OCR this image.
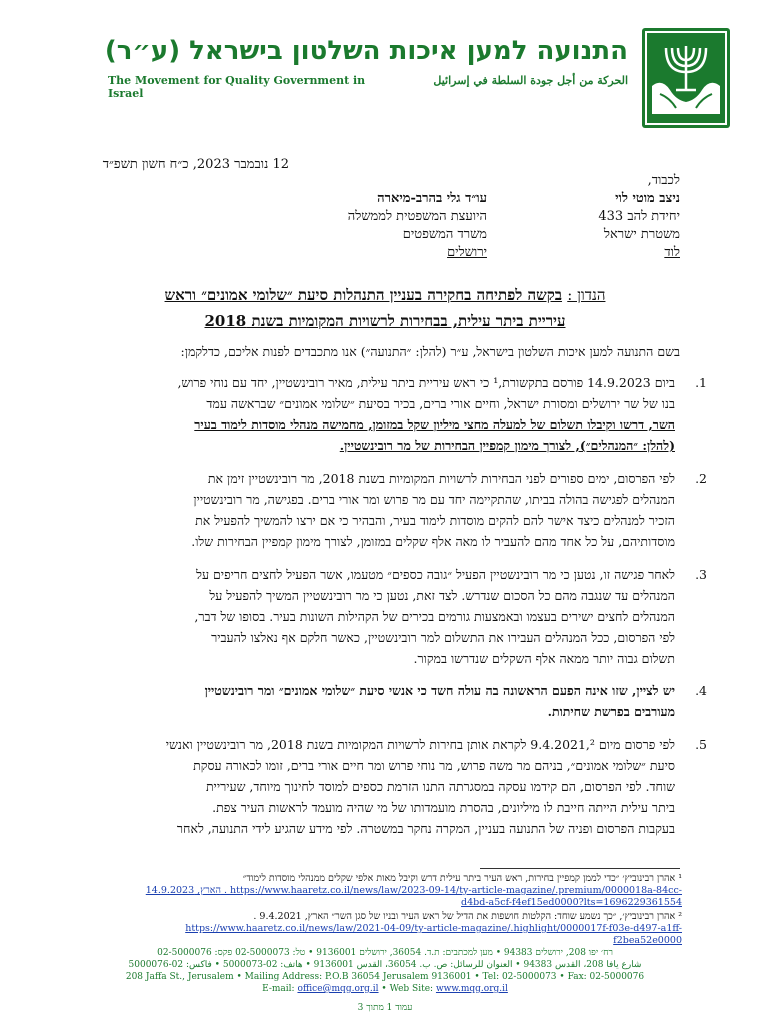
התנועה למען איכות השלטון בישראל (ע״ר)
الحركة من أجل جودة السلطة في إسرائيل
The Movement for Quality Government in Israel
12 נובמבר 2023, כ״ח חשון תשפ״ד
לכבוד,
ניצב מוטי לוי
יחידת להב 433
משטרת ישראל
לוד
עו״ד גלי בהרב-מיארה
היועצת המשפטית לממשלה
משרד המשפטים
ירושלים
הנדון : בקשה לפתיחה בחקירה בעניין התנהלות סיעת ״שלומי אמונים״ וראש
עיריית ביתר עילית, בבחירות לרשויות המקומיות בשנת 2018
בשם התנועה למען איכות השלטון בישראל, ע״ר (להלן: ״התנועה״) אנו מתכבדים לפנות אליכם, כדלקמן:
1.
ביום 14.9.2023 פורסם בתקשורת,¹ כי ראש עיריית ביתר עילית, מאיר רובינשטיין, יחד עם נוחי פרוש,
בנו של שר ירושלים ומסורת ישראל, וחיים אורי ברים, בכיר בסיעת ״שלומי אמונים״ שבראשה עמד
השר, דרשו וקיבלו תשלום של למעלה מחצי מיליון שקל במזומן, מחמישה מנהלי מוסדות לימוד בעיר
(להלן: ״המנהלים״), לצורך מימון קמפיין הבחירות של מר רובינשטיין.
2.
לפי הפרסום, ימים ספורים לפני הבחירות לרשויות המקומיות בשנת 2018, מר רובינשטיין זימן את
המנהלים לפגישה בהולה בביתו, שהתקיימה יחד עם מר פרוש ומר אורי ברים. בפגישה, מר רובינשטיין
הזכיר למנהלים כיצד אישר להם להקים מוסדות לימוד בעיר, והבהיר כי אם ירצו להמשיך להפעיל את
מוסדותיהם, על כל אחד מהם להעביר לו מאה אלף שקלים במזומן, לצורך מימון קמפיין הבחירות שלו.
3.
לאחר פגישה זו, נטען כי מר רובינשטיין הפעיל ״גובה כספים״ מטעמו, אשר הפעיל לחצים חריפים על
המנהלים עד שנגבה מהם כל הסכום שנדרש. לצד זאת, נטען כי מר רובינשטיין המשיך להפעיל על
המנהלים לחצים ישירים בעצמו ובאמצעות גורמים בכירים של הקהילות השונות בעיר. בסופו של דבר,
לפי הפרסום, ככל המנהלים העבירו את התשלום למר רובינשטיין, כאשר חלקם אף נאלצו להעביר
תשלום גבוה יותר ממאה אלף השקלים שנדרשו במקור.
4.
יש לציין, שזו אינה הפעם הראשונה בה עולה חשד כי אנשי סיעת ״שלומי אמונים״ ומר רובינשטיין
מעורבים בפרשת שחיתות.
5.
לפי פרסום מיום 9.4.2021,² לקראת אותן בחירות לרשויות המקומיות בשנת 2018, מר רובינשטיין ואנשי
סיעת ״שלומי אמונים״, בניהם מר משה פרוש, מר נוחי פרוש ומר חיים אורי ברים, זומו לכאורה עסקת
שוחד. לפי הפרסום, הם קידמו עסקה במסגרתה התנו הזרמת כספים למוסד לחינוך מיוחד, שעיריית
ביתר עילית הייתה חייבת לו מיליונים, בהסרת מועמדותו של מי שהיה מועמד לראשות העיר צפת.
בעקבות הפרסום ופניה של התנועה בעניין, המקרה נחקר במשטרה. לפי מידע שהגיע לידי התנועה, לאחר
¹ אהרן רבינוביץ׳ ״כדי לממן קמפיין בחירות, ראש העיר ביתר עילית דרש וקיבל מאות אלפי שקלים ממנהלי מוסדות לימוד״
הארץ, 14.9.2023 . https://www.haaretz.co.il/news/law/2023-09-14/ty-article-magazine/.premium/0000018a-84cc-
d4bd-a5cf-f4ef15ed0000?lts=1696229361554
² אהרן רבינוביץ׳, ״כך נשמע שוחד: הקלטות חושפות את הדיל של ראש העיר ובניו של סגן השר״ הארץ, 9.4.2021 .
https://www.haaretz.co.il/news/law/2021-04-09/ty-article-magazine/.highlight/0000017f-f03e-d497-a1ff-
f2bea52e0000
רח׳ יפו 208, ירושלים 94383 • מען למכתבים: ת.ד. 36054, ירושלים 9136001 • טל: 02-5000073 פקס: 02-5000076
شارع يافا 208، القدس 94383 • العنوان للرسائل: ص. ب. 36054، القدس 9136001 • هاتف: 02-5000073 • فاكس: 02-5000076
208 Jaffa St., Jerusalem • Mailing Address: P.O.B 36054 Jerusalem 9136001 • Tel: 02-5000073 • Fax: 02-5000076
E-mail: office@mqg.org.il • Web Site: www.mqg.org.il
עמוד 1 מתוך 3
